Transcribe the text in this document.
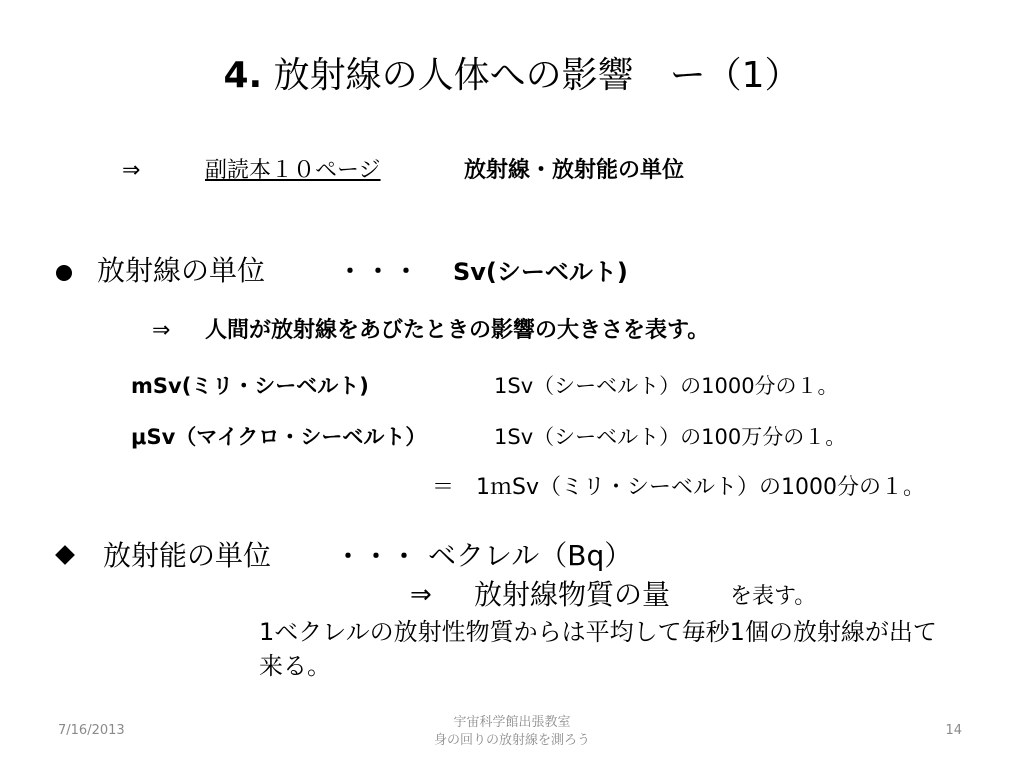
4. 放射線の人体への影響　ー（1）
⇒	副読本１０ページ	放射線・放射能の単位
放射線の単位	・・・ Sv(シーベルト)
⇒ 人間が放射線をあびたときの影響の大きさを表す。
mSv(ミリ・シーベルト)	1Sv（シーベルト）の1000分の１。
μSv（マイクロ・シーベルト）	1Sv（シーベルト）の100万分の１。
＝　1ｍSv（ミリ・シーベルト）の1000分の１。
放射能の単位	・・・ ベクレル（Bq）
⇒ 放射線物質の量	を表す。
1ベクレルの放射性物質からは平均して毎秒1個の放射線が出て来る。
7/16/2013
宇宙科学館出張教室
身の回りの放射線を測ろう
14
